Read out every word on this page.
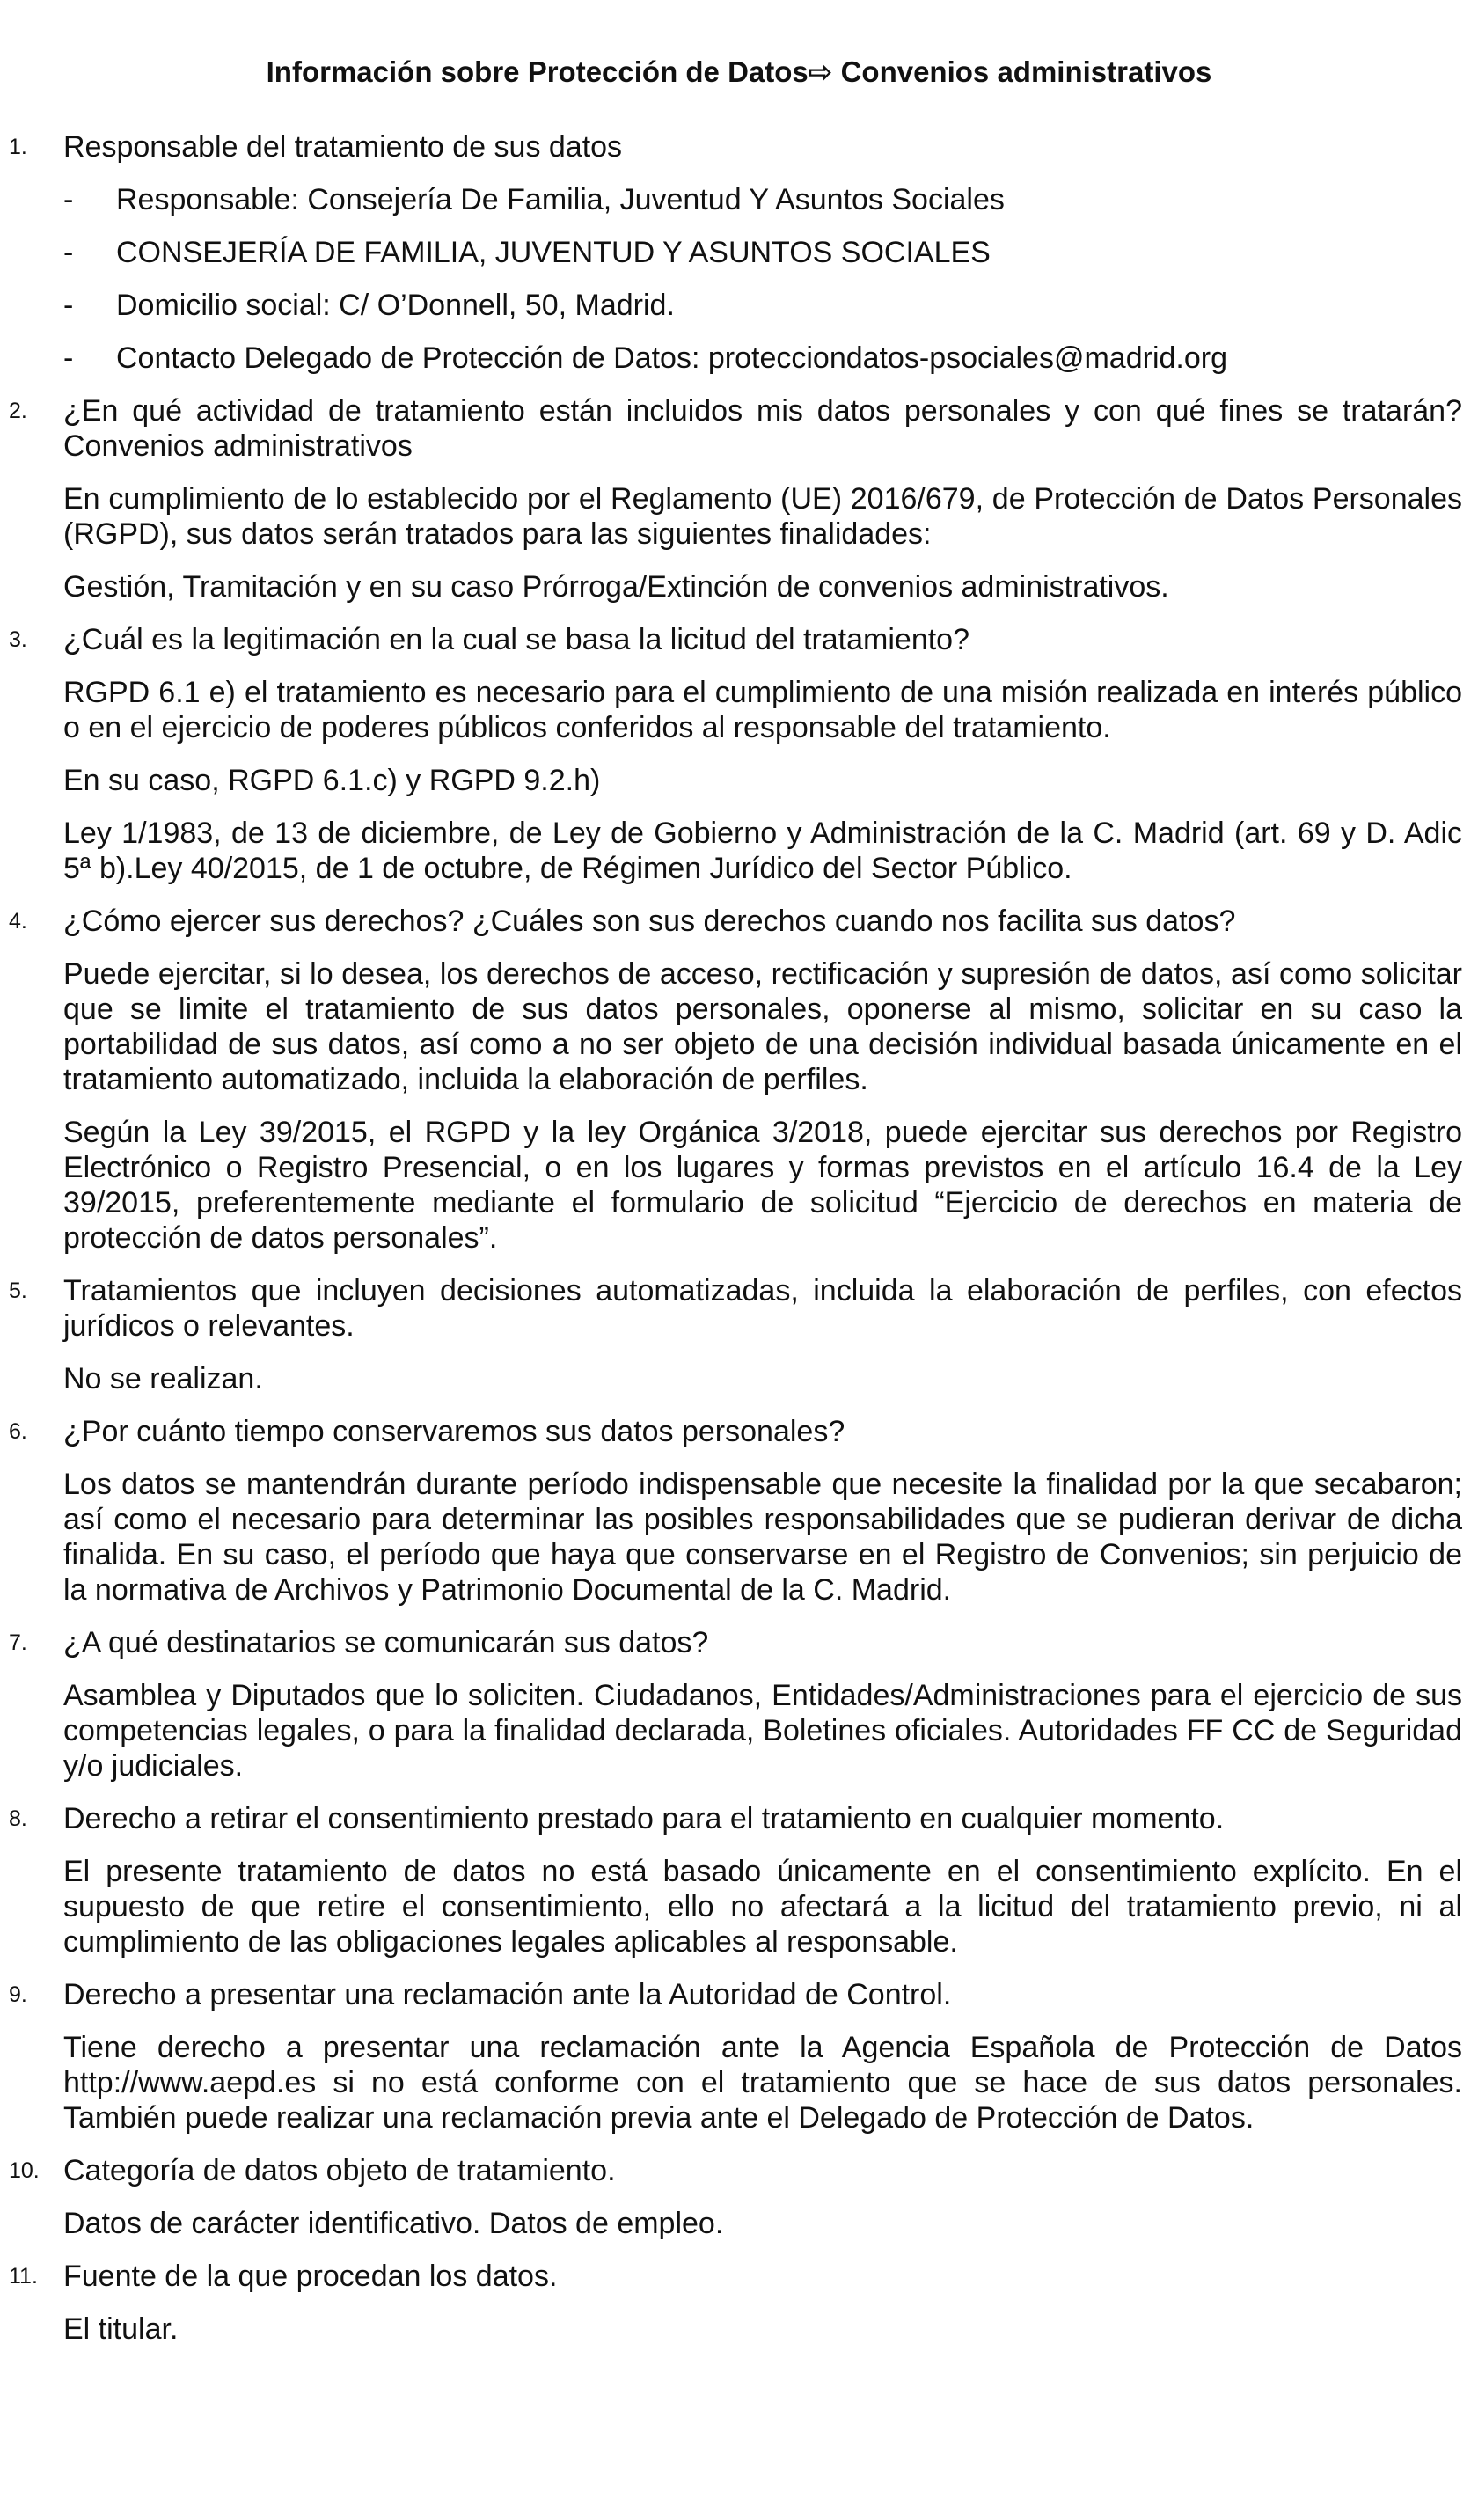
Información sobre Protección de Datos⇨ Convenios administrativos
1.	Responsable del tratamiento de sus datos

- Responsable: Consejería De Familia, Juventud Y Asuntos Sociales
- CONSEJERÍA DE FAMILIA, JUVENTUD Y ASUNTOS SOCIALES
- Domicilio social: C/ O’Donnell, 50, Madrid.
- Contacto Delegado de Protección de Datos: protecciondatos-psociales@madrid.org
2.	¿En qué actividad de tratamiento están incluidos mis datos personales y con qué fines se tratarán? Convenios administrativos

En cumplimiento de lo establecido por el Reglamento (UE) 2016/679, de Protección de Datos Personales (RGPD), sus datos serán tratados para las siguientes finalidades:

Gestión, Tramitación y en su caso Prórroga/Extinción de convenios administrativos.

3.	¿Cuál es la legitimación en la cual se basa la licitud del tratamiento?

RGPD 6.1 e) el tratamiento es necesario para el cumplimiento de una misión realizada en interés público o en el ejercicio de poderes públicos conferidos al responsable del tratamiento.

En su caso, RGPD 6.1.c) y RGPD 9.2.h)

Ley 1/1983, de 13 de diciembre, de Ley de Gobierno y Administración de la C. Madrid (art. 69 y D. Adic 5ª b).Ley 40/2015, de 1 de octubre, de Régimen Jurídico del Sector Público.

4.	¿Cómo ejercer sus derechos? ¿Cuáles son sus derechos cuando nos facilita sus datos?

Puede ejercitar, si lo desea, los derechos de acceso, rectificación y supresión de datos, así como solicitar que se limite el tratamiento de sus datos personales, oponerse al mismo, solicitar en su caso la portabilidad de sus datos, así como a no ser objeto de una decisión individual basada únicamente en el tratamiento automatizado, incluida la elaboración de perfiles.

Según la Ley 39/2015, el RGPD y la ley Orgánica 3/2018, puede ejercitar sus derechos por Registro Electrónico o Registro Presencial, o en los lugares y formas previstos en el artículo 16.4 de la Ley 39/2015, preferentemente mediante el formulario de solicitud “Ejercicio de derechos en materia de protección de datos personales”.

5.	Tratamientos que incluyen decisiones automatizadas, incluida la elaboración de perfiles, con efectos jurídicos o relevantes.

No se realizan.

6.	¿Por cuánto tiempo conservaremos sus datos personales?

Los datos se mantendrán durante período indispensable que necesite la finalidad por la que secabaron; así como el necesario para determinar las posibles responsabilidades que se pudieran derivar de dicha finalida. En su caso, el período que haya que conservarse en el Registro de Convenios; sin perjuicio de la normativa de Archivos y Patrimonio Documental de la C. Madrid.

7.	¿A qué destinatarios se comunicarán sus datos?

Asamblea y Diputados que lo soliciten. Ciudadanos, Entidades/Administraciones para el ejercicio de sus competencias legales, o para la finalidad declarada, Boletines oficiales. Autoridades FF CC de Seguridad y/o judiciales.

8.	Derecho a retirar el consentimiento prestado para el tratamiento en cualquier momento.

El presente tratamiento de datos no está basado únicamente en el consentimiento explícito. En el supuesto de que retire el consentimiento, ello no afectará a la licitud del tratamiento previo, ni al cumplimiento de las obligaciones legales aplicables al responsable.

9.	Derecho a presentar una reclamación ante la Autoridad de Control.

Tiene derecho a presentar una reclamación ante la Agencia Española de Protección de Datos http://www.aepd.es si no está conforme con el tratamiento que se hace de sus datos personales. También puede realizar una reclamación previa ante el Delegado de Protección de Datos.

10. Categoría de datos objeto de tratamiento.

Datos de carácter identificativo. Datos de empleo.

11. Fuente de la que procedan los datos.

El titular.
